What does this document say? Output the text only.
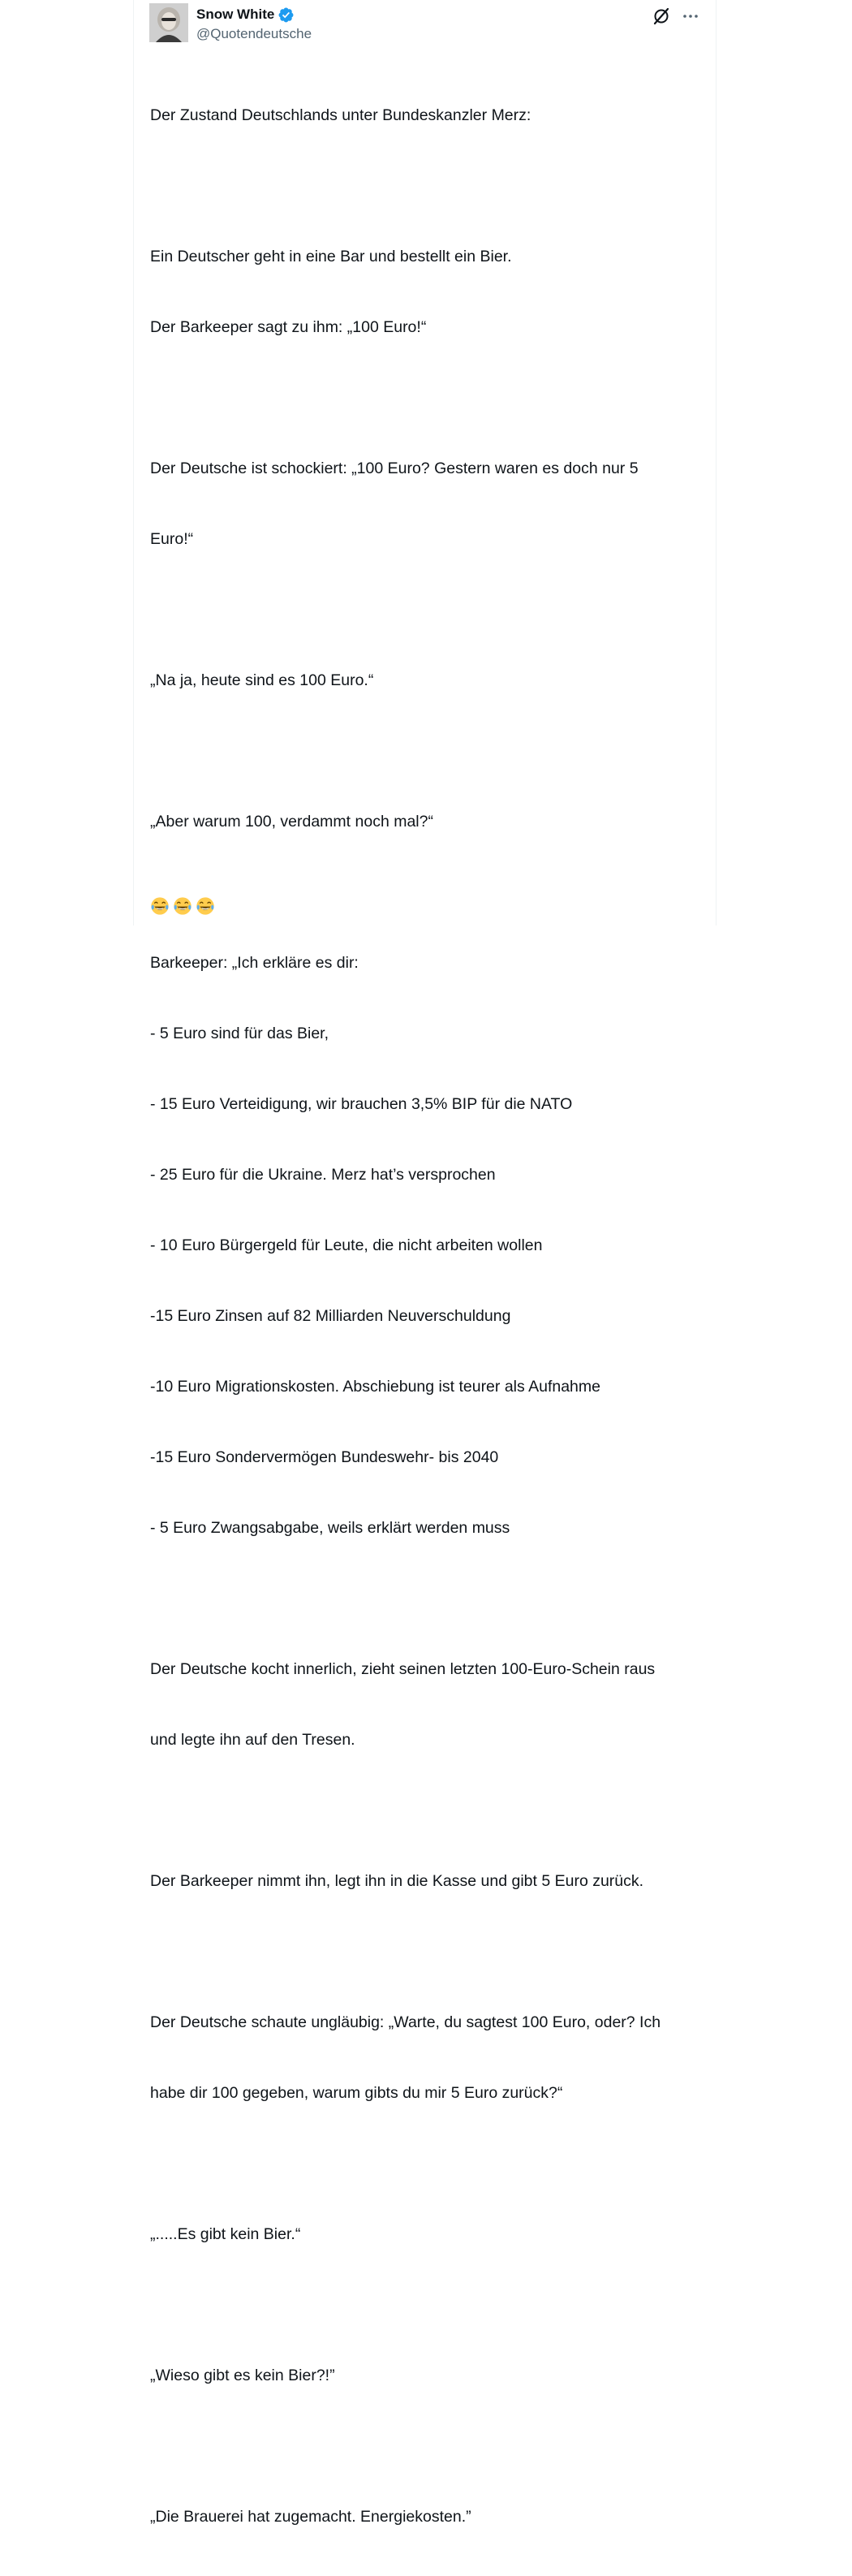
Snow White
@Quotendeutsche

Der Zustand Deutschlands unter Bundeskanzler Merz:

Ein Deutscher geht in eine Bar und bestellt ein Bier.

Der Barkeeper sagt zu ihm: „100 Euro!“

Der Deutsche ist schockiert: „100 Euro? Gestern waren es doch nur 5

Euro!“

„Na ja, heute sind es 100 Euro.“

„Aber warum 100, verdammt noch mal?“

Barkeeper: „Ich erkläre es dir:

- 5 Euro sind für das Bier,

- 15 Euro Verteidigung, wir brauchen 3,5% BIP für die NATO

- 25 Euro für die Ukraine. Merz hat’s versprochen

- 10 Euro Bürgergeld für Leute, die nicht arbeiten wollen

-15 Euro Zinsen auf 82 Milliarden Neuverschuldung

-10 Euro Migrationskosten. Abschiebung ist teurer als Aufnahme

-15 Euro Sondervermögen Bundeswehr- bis 2040

- 5 Euro Zwangsabgabe, weils erklärt werden muss

Der Deutsche kocht innerlich, zieht seinen letzten 100-Euro-Schein raus

und legte ihn auf den Tresen.

Der Barkeeper nimmt ihn, legt ihn in die Kasse und gibt 5 Euro zurück.

Der Deutsche schaute ungläubig: „Warte, du sagtest 100 Euro, oder? Ich

habe dir 100 gegeben, warum gibts du mir 5 Euro zurück?“

„.....Es gibt kein Bier.“

„Wieso gibt es kein Bier?!”

„Die Brauerei hat zugemacht. Energiekosten.”
